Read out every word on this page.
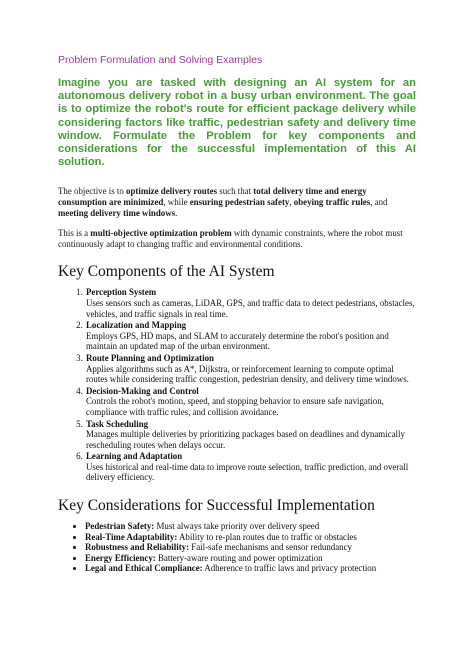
Problem Formulation and Solving Examples

Imagine you are tasked with designing an AI system for an autonomous delivery robot in a busy urban environment. The goal is to optimize the robot's route for efficient package delivery while considering factors like traffic, pedestrian safety and delivery time window. Formulate the Problem for key components and considerations for the successful implementation of this AI solution.

The objective is to optimize delivery routes such that total delivery time and energy consumption are minimized, while ensuring pedestrian safety, obeying traffic rules, and meeting delivery time windows.

This is a multi-objective optimization problem with dynamic constraints, where the robot must continuously adapt to changing traffic and environmental conditions.

Key Components of the AI System
1. Perception System
Uses sensors such as cameras, LiDAR, GPS, and traffic data to detect pedestrians, obstacles, vehicles, and traffic signals in real time.
2. Localization and Mapping
Employs GPS, HD maps, and SLAM to accurately determine the robot's position and maintain an updated map of the urban environment.
3. Route Planning and Optimization
Applies algorithms such as A*, Dijkstra, or reinforcement learning to compute optimal routes while considering traffic congestion, pedestrian density, and delivery time windows.
4. Decision-Making and Control
Controls the robot's motion, speed, and stopping behavior to ensure safe navigation, compliance with traffic rules, and collision avoidance.
5. Task Scheduling
Manages multiple deliveries by prioritizing packages based on deadlines and dynamically rescheduling routes when delays occur.
6. Learning and Adaptation
Uses historical and real-time data to improve route selection, traffic prediction, and overall delivery efficiency.
Key Considerations for Successful Implementation
• Pedestrian Safety: Must always take priority over delivery speed
• Real-Time Adaptability: Ability to re-plan routes due to traffic or obstacles
• Robustness and Reliability: Fail-safe mechanisms and sensor redundancy
• Energy Efficiency: Battery-aware routing and power optimization
• Legal and Ethical Compliance: Adherence to traffic laws and privacy protection
